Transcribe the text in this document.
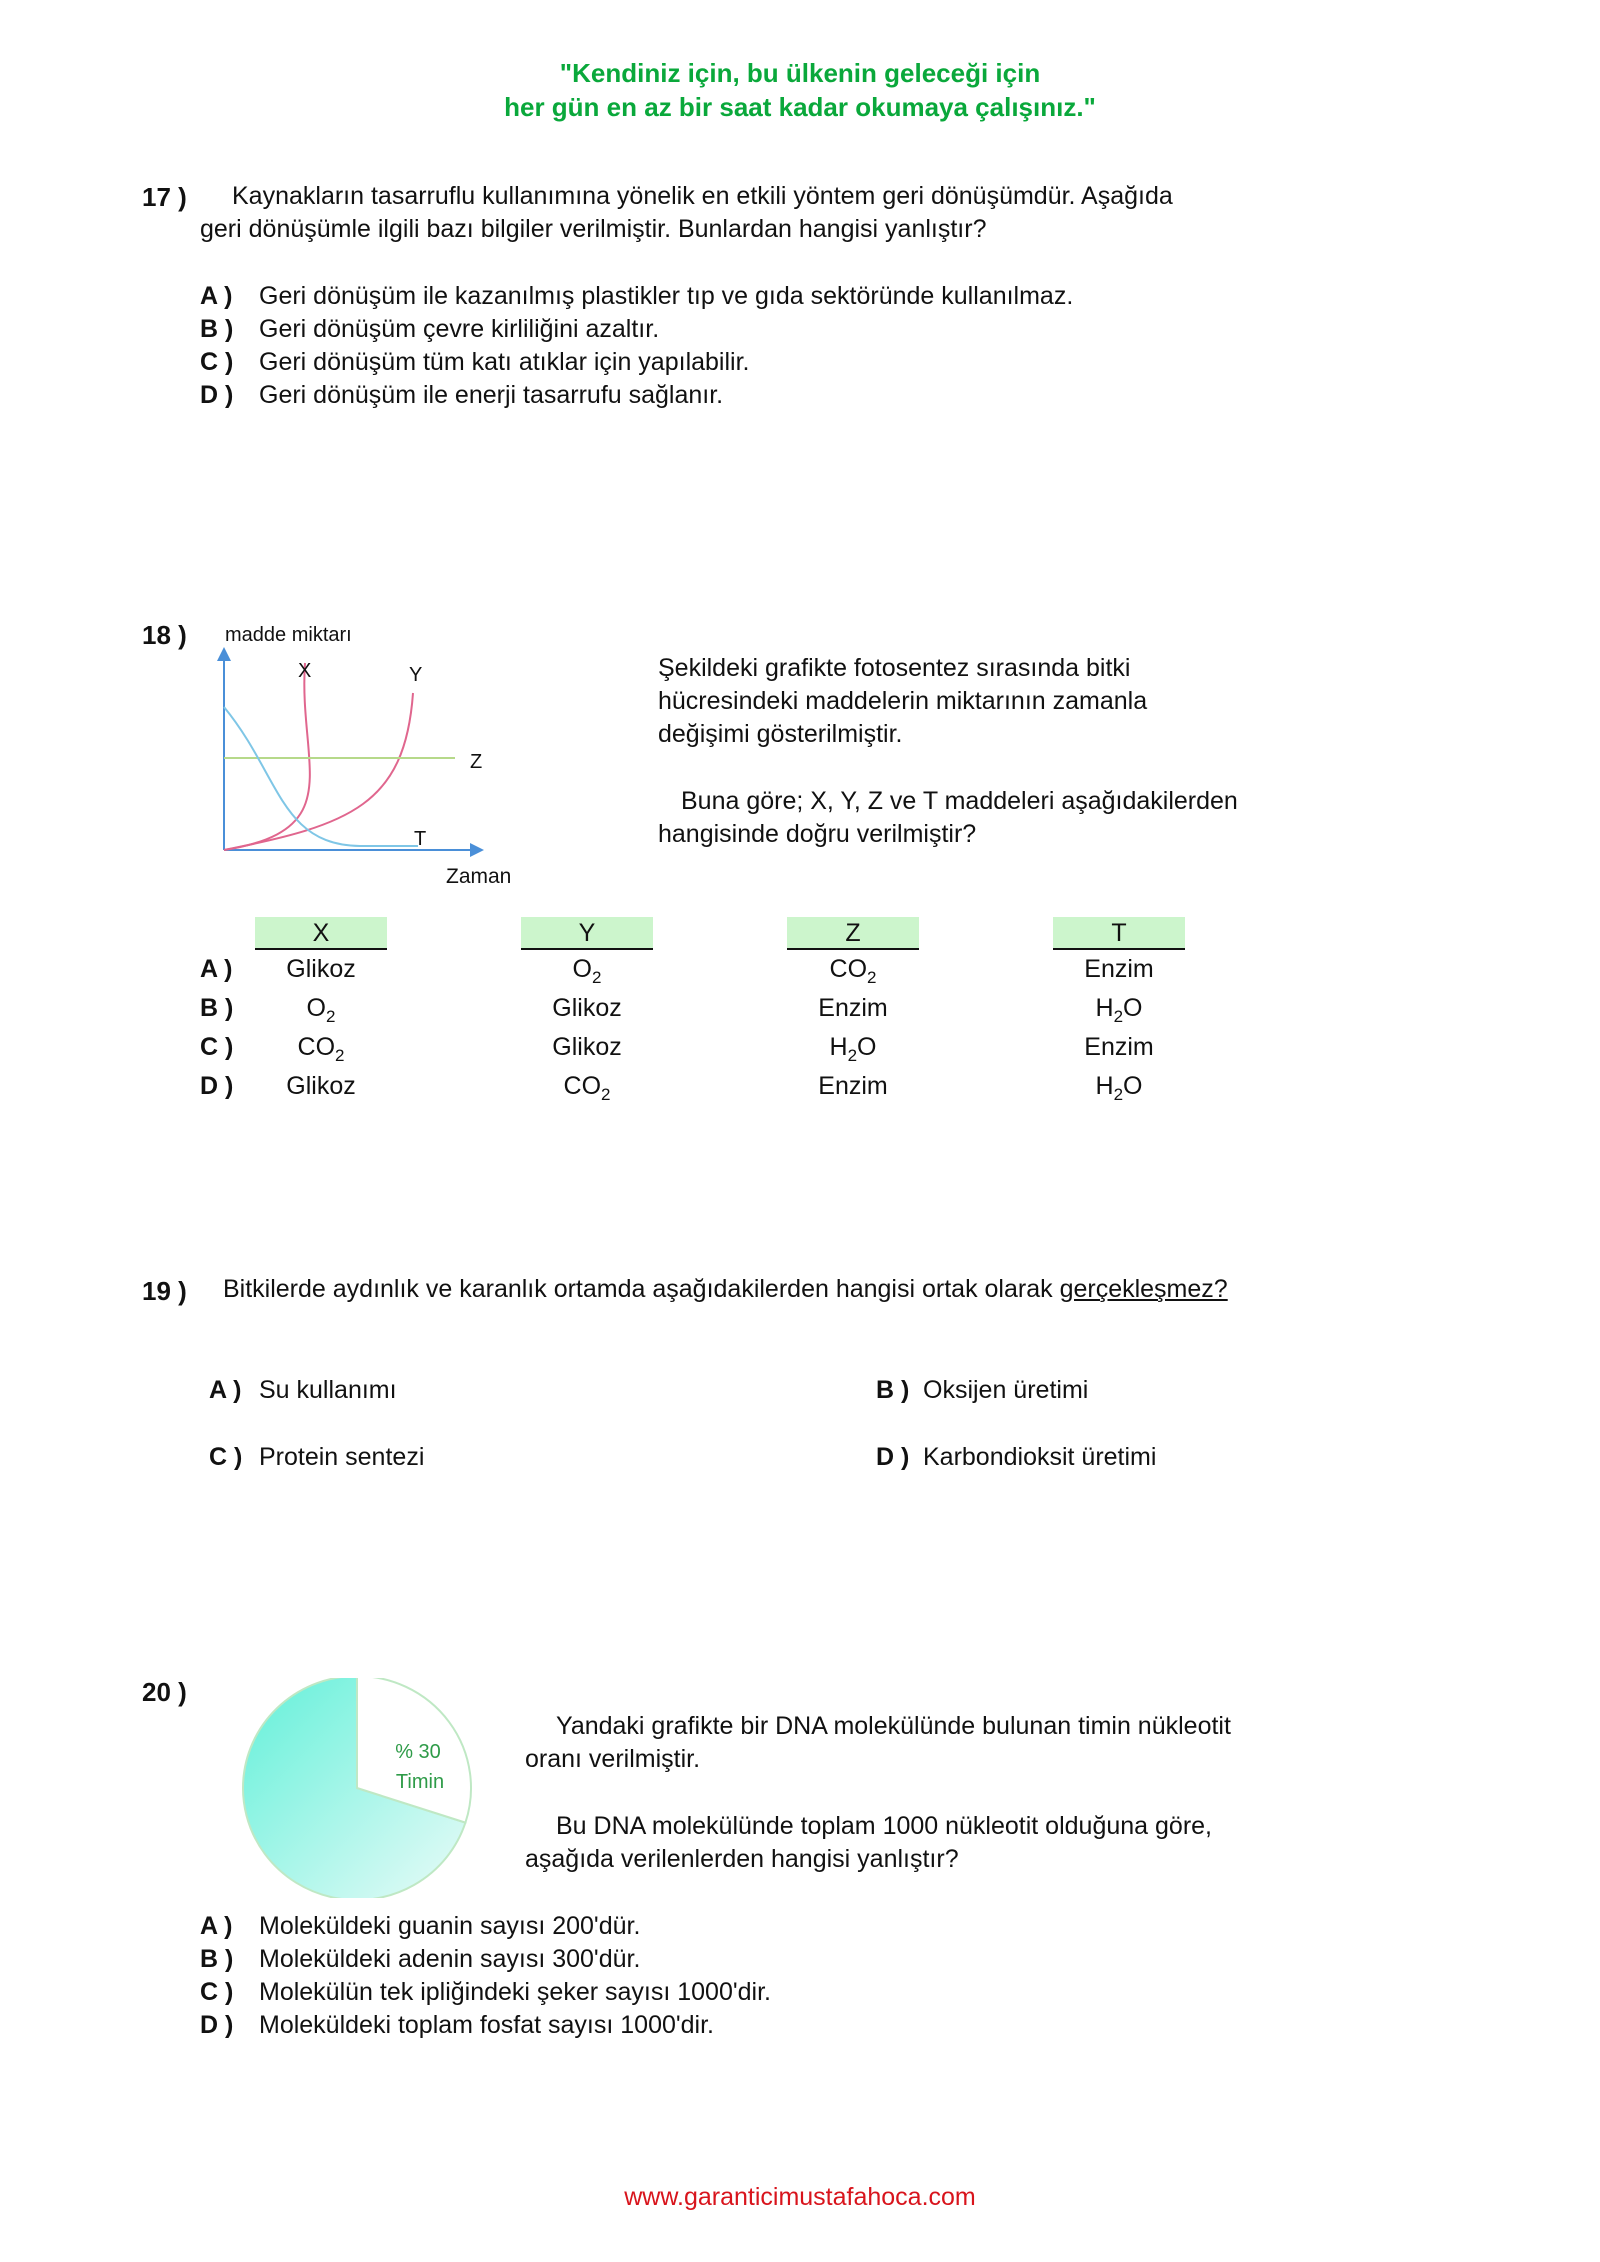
"Kendiniz için, bu ülkenin geleceği için
her gün en az bir saat kadar okumaya çalışınız."
17 ) Kaynakların tasarruflu kullanımına yönelik en etkili yöntem geri dönüşümdür. Aşağıda
geri dönüşümle ilgili bazı bilgiler verilmiştir. Bunlardan hangisi yanlıştır?
A ) Geri dönüşüm ile kazanılmış plastikler tıp ve gıda sektöründe kullanılmaz.
B ) Geri dönüşüm çevre kirliliğini azaltır.
C ) Geri dönüşüm tüm katı atıklar için yapılabilir.
D ) Geri dönüşüm ile enerji tasarrufu sağlanır.
18 ) madde miktarı
X	Y
Z
T
Zaman
Şekildeki grafikte fotosentez sırasında bitki
hücresindeki maddelerin miktarının zamanla
değişimi gösterilmiştir.
Buna göre; X, Y, Z ve T maddeleri aşağıdakilerden
hangisinde doğru verilmiştir?
X	Y	Z	T
A )	Glikoz	$O_2$	$CO_2$	Enzim
B )	$O_2$	Glikoz	Enzim	$H_2O$
C )	$CO_2$	Glikoz	$H_2O$	Enzim
D )	Glikoz	$CO_2$	Enzim	$H_2O$
19 ) Bitkilerde aydınlık ve karanlık ortamda aşağıdakilerden hangisi ortak olarak gerçekleşmez?
A ) Su kullanımı	B ) Oksijen üretimi
C ) Protein sentezi	D ) Karbondioksit üretimi
20 )
% 30
Timin
Yandaki grafikte bir DNA molekülünde bulunan timin nükleotit
oranı verilmiştir.
Bu DNA molekülünde toplam 1000 nükleotit olduğuna göre,
aşağıda verilenlerden hangisi yanlıştır?
A ) Moleküldeki guanin sayısı 200'dür.
B ) Moleküldeki adenin sayısı 300'dür.
C ) Molekülün tek ipliğindeki şeker sayısı 1000'dir.
D ) Moleküldeki toplam fosfat sayısı 1000'dir.
www.garanticimustafahoca.com
